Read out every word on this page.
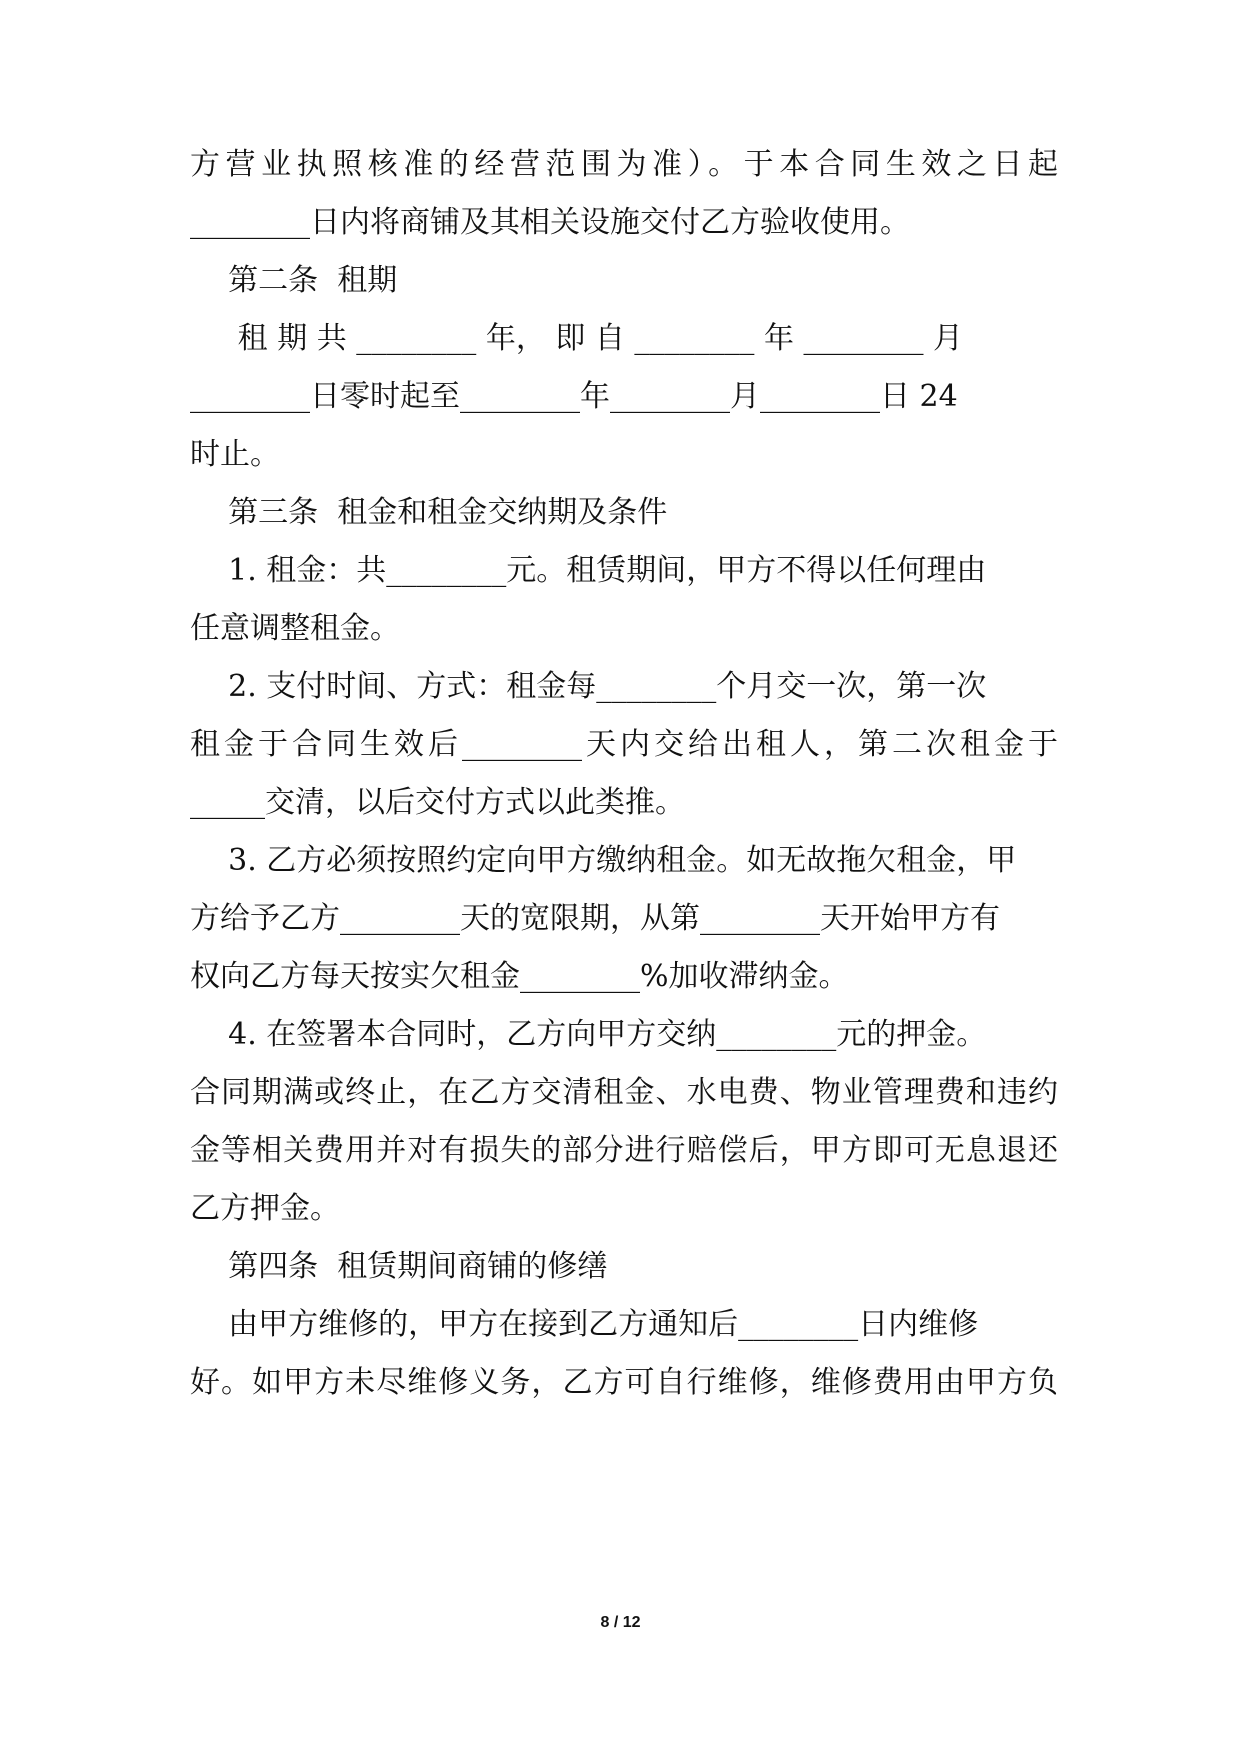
方营业执照核准的经营范围为准）。于本合同生效之日起
________日内将商铺及其相关设施交付乙方验收使用。
第二条  租期
租 期 共 ________ 年， 即 自 ________ 年 ________ 月
________日零时起至________年________月________日 24
时止。
第三条  租金和租金交纳期及条件
1. 租金：共________元。租赁期间，甲方不得以任何理由
任意调整租金。
2. 支付时间、方式：租金每________个月交一次，第一次
租金于合同生效后________天内交给出租人，第二次租金于
_____交清，以后交付方式以此类推。
3. 乙方必须按照约定向甲方缴纳租金。如无故拖欠租金，甲
方给予乙方________天的宽限期，从第________天开始甲方有
权向乙方每天按实欠租金________%加收滞纳金。
4. 在签署本合同时，乙方向甲方交纳________元的押金。
合同期满或终止，在乙方交清租金、水电费、物业管理费和违约
金等相关费用并对有损失的部分进行赔偿后，甲方即可无息退还
乙方押金。
第四条  租赁期间商铺的修缮
由甲方维修的，甲方在接到乙方通知后________日内维修
好。如甲方未尽维修义务，乙方可自行维修，维修费用由甲方负
8 / 12
